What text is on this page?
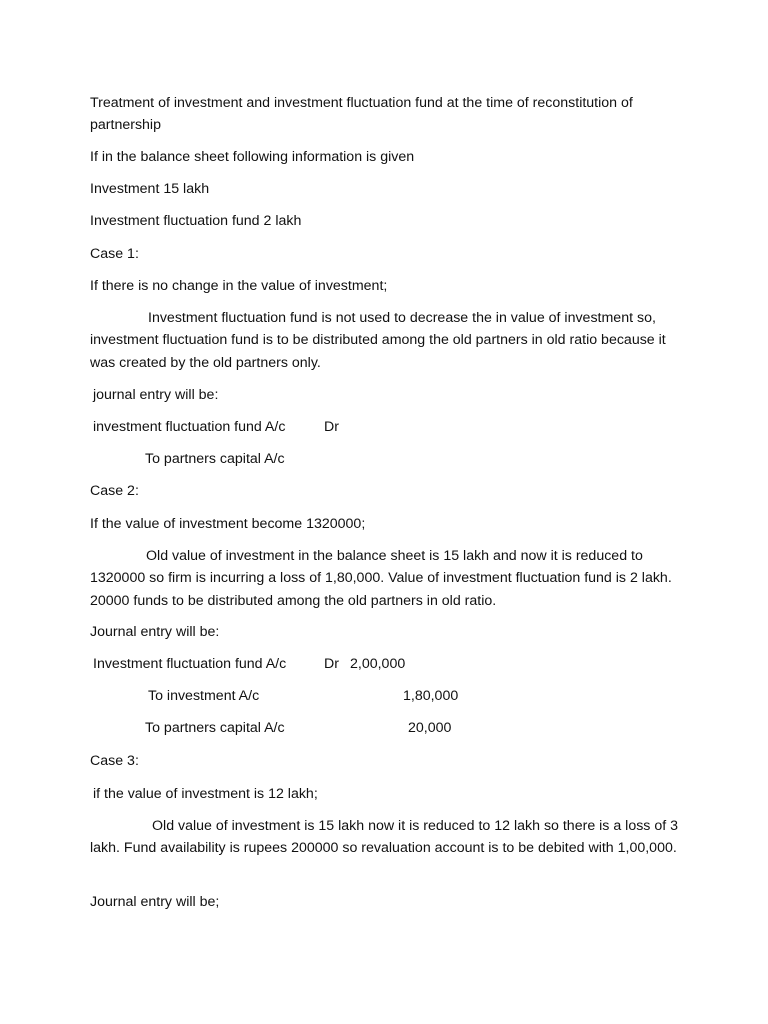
Treatment of investment and investment fluctuation fund at the time of reconstitution of partnership
If in the balance sheet following information is given
Investment 15 lakh
Investment fluctuation fund 2 lakh
Case 1:
If there is no change in the value of investment;
Investment fluctuation fund is not used to decrease the in value of investment so, investment fluctuation fund is to be distributed among the old partners in old ratio because it was created by the old partners only.
journal entry will be:
investment fluctuation fund A/c	Dr
To partners capital A/c
Case 2:
If the value of investment become 1320000;
Old value of investment in the balance sheet is 15 lakh and now it is reduced to 1320000 so firm is incurring a loss of 1,80,000. Value of investment fluctuation fund is 2 lakh. 20000 funds to be distributed among the old partners in old ratio.
Journal entry will be:
Investment fluctuation fund A/c	Dr 2,00,000
To investment A/c	1,80,000
To partners capital A/c	20,000
Case 3:
if the value of investment is 12 lakh;
Old value of investment is 15 lakh now it is reduced to 12 lakh so there is a loss of 3 lakh. Fund availability is rupees 200000 so revaluation account is to be debited with 1,00,000.
Journal entry will be;
